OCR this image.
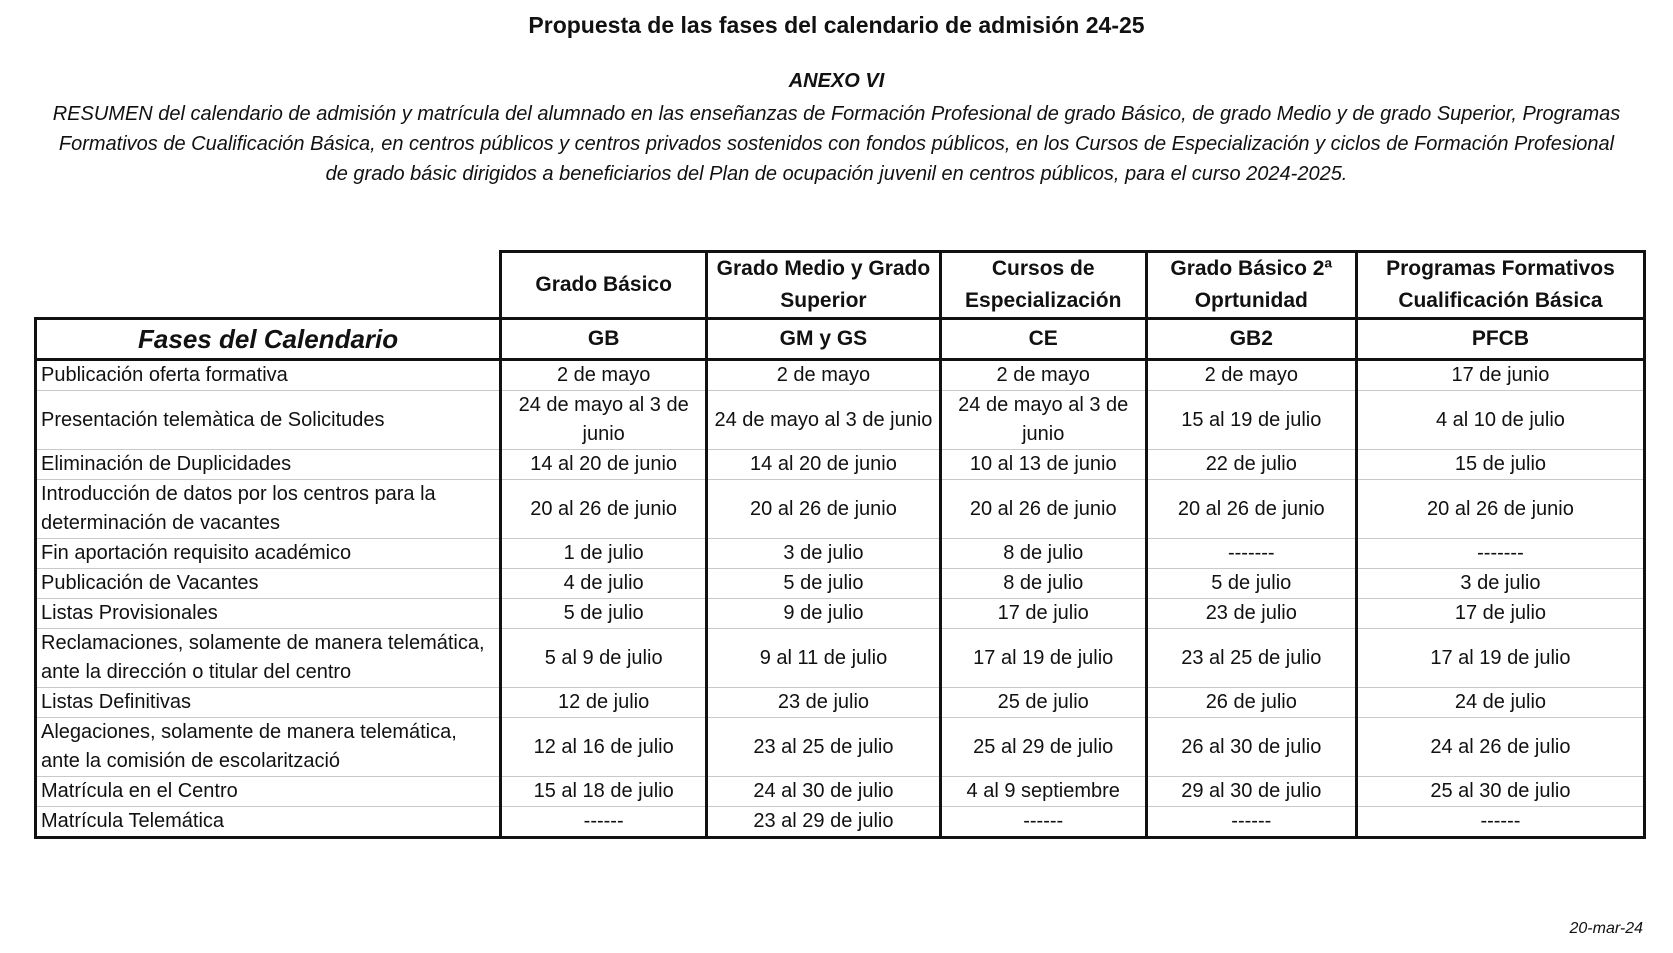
Propuesta de las fases del calendario de admisión 24-25
ANEXO VI
RESUMEN del calendario de admisión y matrícula del alumnado en las enseñanzas de Formación Profesional de grado Básico, de grado Medio y de grado Superior, Programas Formativos de Cualificación Básica, en centros públicos y centros privados sostenidos con fondos públicos, en los Cursos de Especialización y ciclos de Formación Profesional de grado básic dirigidos a beneficiarios del Plan de ocupación juvenil en centros públicos, para el curso 2024-2025.
	Grado Básico	Grado Medio y Grado Superior	Cursos de Especialización	Grado Básico 2ª Oprtunidad	Programas Formativos Cualificación Básica
Fases del Calendario	GB	GM y GS	CE	GB2	PFCB
Publicación oferta formativa	2 de mayo	2 de mayo	2 de mayo	2 de mayo	17 de junio
Presentación telemàtica de Solicitudes	24 de mayo al 3 de junio	24 de mayo al 3 de junio	24 de mayo al 3 de junio	15 al 19 de julio	4 al 10 de julio
Eliminación de Duplicidades	14 al 20 de junio	14 al 20 de junio	10 al 13 de junio	22 de julio	15 de julio
Introducción de datos por los centros para la determinación de vacantes	20 al 26 de junio	20 al 26 de junio	20 al 26 de junio	20 al 26 de junio	20 al 26 de junio
Fin aportación requisito académico	1 de julio	3 de julio	8 de julio	-------	-------
Publicación de Vacantes	4 de julio	5 de julio	8 de julio	5 de julio	3 de julio
Listas Provisionales	5 de julio	9 de julio	17 de julio	23 de julio	17 de julio
Reclamaciones, solamente de manera telemática, ante la dirección o titular del centro	5 al 9 de julio	9 al 11 de julio	17 al 19 de julio	23 al 25 de julio	17 al 19 de julio
Listas Definitivas	12 de julio	23 de julio	25 de julio	26 de julio	24 de julio
Alegaciones, solamente de manera telemática, ante la comisión de escolarització	12 al 16 de julio	23 al 25 de julio	25 al 29 de julio	26 al 30 de julio	24 al 26 de julio
Matrícula en el Centro	15 al 18 de julio	24 al 30 de julio	4 al 9 septiembre	29 al 30 de julio	25 al 30 de julio
Matrícula Telemática	------	23 al 29 de julio	------	------	------
20-mar-24
